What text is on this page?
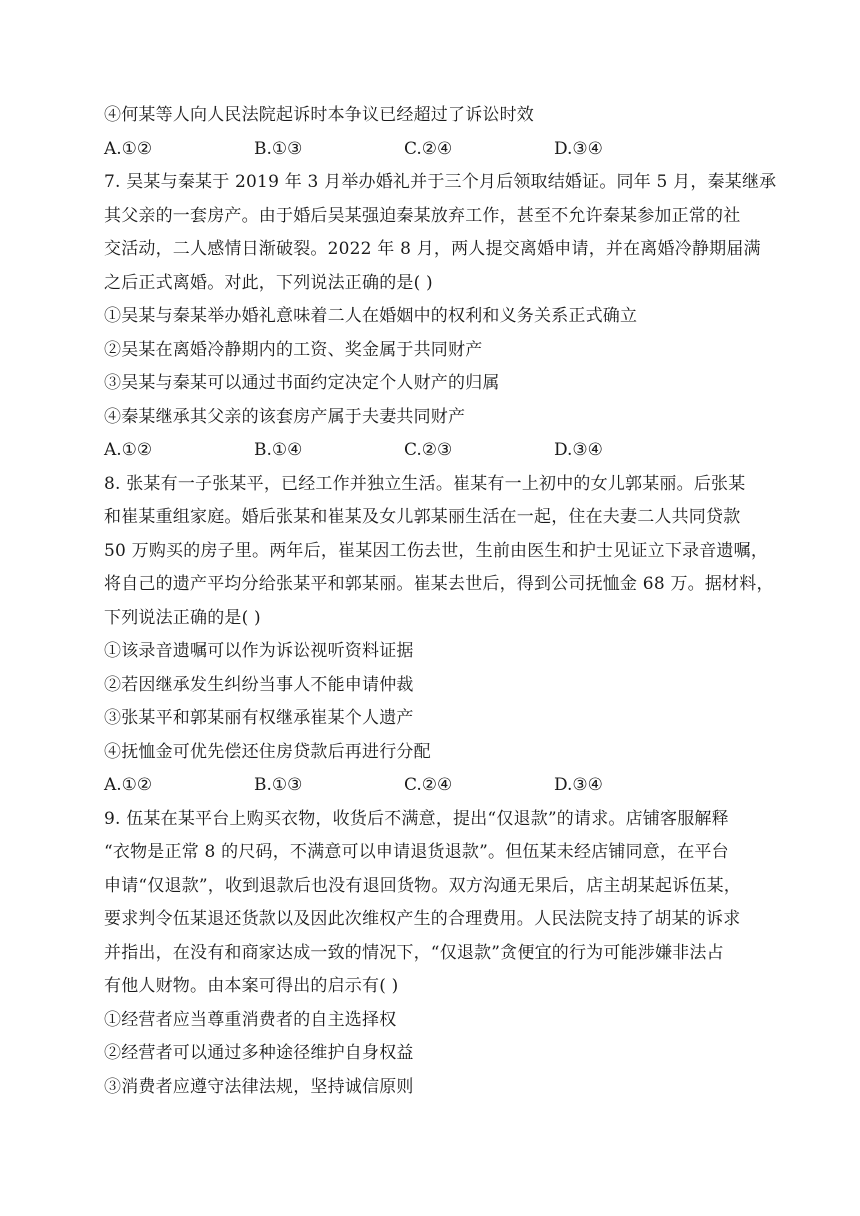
④何某等人向人民法院起诉时本争议已经超过了诉讼时效
A.①②	B.①③	C.②④	D.③④
7. 吴某与秦某于 2019 年 3 月举办婚礼并于三个月后领取结婚证。同年 5 月，秦某继承
其父亲的一套房产。由于婚后吴某强迫秦某放弃工作，甚至不允许秦某参加正常的社
交活动，二人感情日渐破裂。2022 年 8 月，两人提交离婚申请，并在离婚冷静期届满
之后正式离婚。对此，下列说法正确的是( )
①吴某与秦某举办婚礼意味着二人在婚姻中的权利和义务关系正式确立
②吴某在离婚冷静期内的工资、奖金属于共同财产
③吴某与秦某可以通过书面约定决定个人财产的归属
④秦某继承其父亲的该套房产属于夫妻共同财产
A.①②	B.①④	C.②③	D.③④
8. 张某有一子张某平，已经工作并独立生活。崔某有一上初中的女儿郭某丽。后张某
和崔某重组家庭。婚后张某和崔某及女儿郭某丽生活在一起，住在夫妻二人共同贷款
50 万购买的房子里。两年后，崔某因工伤去世，生前由医生和护士见证立下录音遗嘱，
将自己的遗产平均分给张某平和郭某丽。崔某去世后，得到公司抚恤金 68 万。据材料，
下列说法正确的是( )
①该录音遗嘱可以作为诉讼视听资料证据
②若因继承发生纠纷当事人不能申请仲裁
③张某平和郭某丽有权继承崔某个人遗产
④抚恤金可优先偿还住房贷款后再进行分配
A.①②	B.①③	C.②④	D.③④
9. 伍某在某平台上购买衣物，收货后不满意，提出“仅退款”的请求。店铺客服解释
“衣物是正常 8 的尺码，不满意可以申请退货退款”。但伍某未经店铺同意，在平台
申请“仅退款”，收到退款后也没有退回货物。双方沟通无果后，店主胡某起诉伍某，
要求判令伍某退还货款以及因此次维权产生的合理费用。人民法院支持了胡某的诉求
并指出，在没有和商家达成一致的情况下，“仅退款”贪便宜的行为可能涉嫌非法占
有他人财物。由本案可得出的启示有( )
①经营者应当尊重消费者的自主选择权
②经营者可以通过多种途径维护自身权益
③消费者应遵守法律法规，坚持诚信原则
